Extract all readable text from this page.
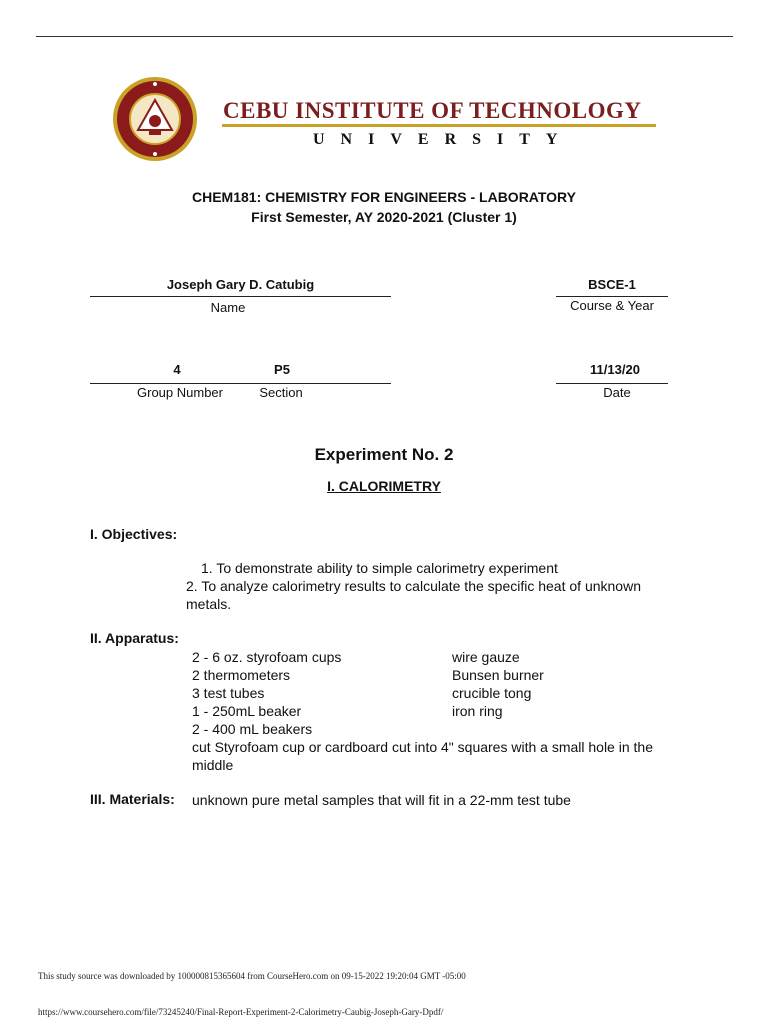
CEBU INSTITUTE OF TECHNOLOGY
UNIVERSITY
CHEM181: CHEMISTRY FOR ENGINEERS - LABORATORY
First Semester, AY 2020-2021 (Cluster 1)
Joseph Gary D. Catubig
Name
BSCE-1
Course & Year
4	P5
Group Number	Section
11/13/20
Date
Experiment No. 2
I. CALORIMETRY
I. Objectives:
1. To demonstrate ability to simple calorimetry experiment
2. To analyze calorimetry results to calculate the specific heat of unknown
metals.
II. Apparatus:
2 - 6 oz. styrofoam cups
2 thermometers
3 test tubes
1 - 250mL beaker
2 - 400 mL beakers
wire gauze
Bunsen burner
crucible tong
iron ring
cut Styrofoam cup or cardboard cut into 4" squares with a small hole in the
middle
III. Materials: unknown pure metal samples that will fit in a 22-mm test tube
This study source was downloaded by 100000815365604 from CourseHero.com on 09-15-2022 19:20:04 GMT -05:00
https://www.coursehero.com/file/73245240/Final-Report-Experiment-2-Calorimetry-Caubig-Joseph-Gary-Dpdf/
